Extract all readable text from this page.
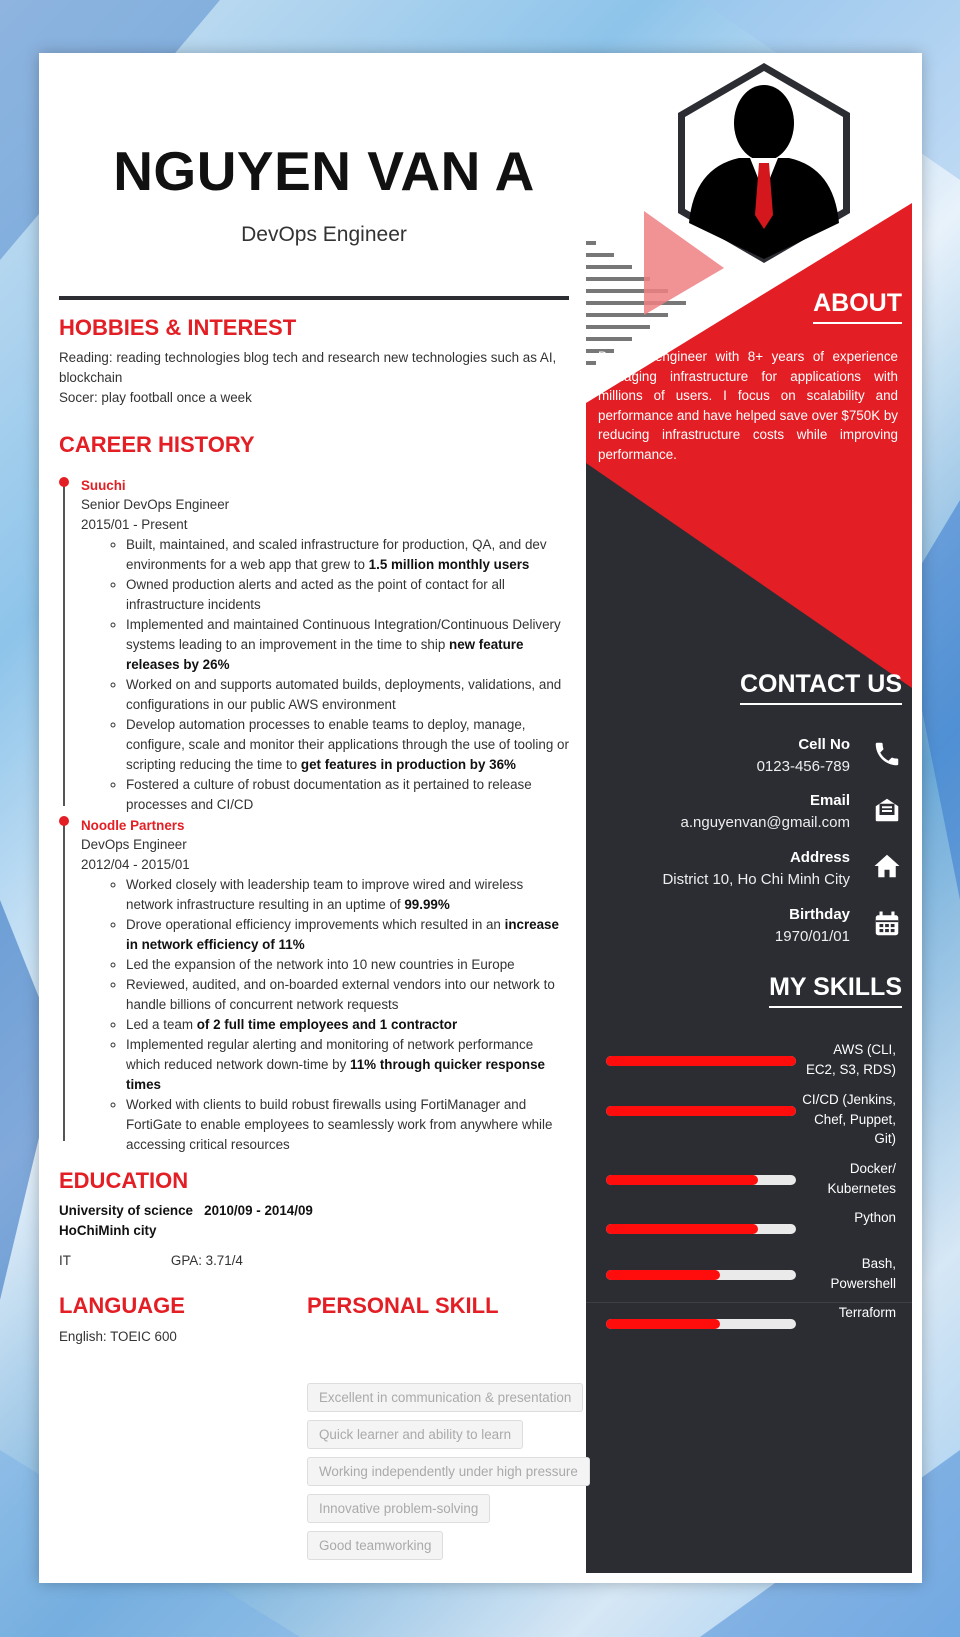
ABOUT
DevOps engineer with 8+ years of experience managing infrastructure for applications with millions of users. I focus on scalability and performance and have helped save over $750K by reducing infrastructure costs while improving performance.
CONTACT US
Cell No
0123-456-789
Email
a.nguyenvan@gmail.com
Address
District 10, Ho Chi Minh City
Birthday
1970/01/01
MY SKILLS
AWS (CLI, EC2, S3, RDS)
CI/CD (Jenkins, Chef, Puppet, Git)
Docker/ Kubernetes
Python
Bash, Powershell
Terraform
NGUYEN VAN A
DevOps Engineer
HOBBIES & INTEREST
Reading: reading technologies blog tech and research new technologies such as AI, blockchain
Socer: play football once a week
CAREER HISTORY
Suuchi
Senior DevOps Engineer
2015/01 - Present
◦ Built, maintained, and scaled infrastructure for production, QA, and dev environments for a web app that grew to 1.5 million monthly users
◦ Owned production alerts and acted as the point of contact for all infrastructure incidents
◦ Implemented and maintained Continuous Integration/Continuous Delivery systems leading to an improvement in the time to ship new feature releases by 26%
◦ Worked on and supports automated builds, deployments, validations, and configurations in our public AWS environment
◦ Develop automation processes to enable teams to deploy, manage, configure, scale and monitor their applications through the use of tooling or scripting reducing the time to get features in production by 36%
◦ Fostered a culture of robust documentation as it pertained to release processes and CI/CD
Noodle Partners
DevOps Engineer
2012/04 - 2015/01
◦ Worked closely with leadership team to improve wired and wireless network infrastructure resulting in an uptime of 99.99%
◦ Drove operational efficiency improvements which resulted in an increase in network efficiency of 11%
◦ Led the expansion of the network into 10 new countries in Europe
◦ Reviewed, audited, and on-boarded external vendors into our network to handle billions of concurrent network requests
◦ Led a team of 2 full time employees and 1 contractor
◦ Implemented regular alerting and monitoring of network performance which reduced network down-time by 11% through quicker response times
◦ Worked with clients to build robust firewalls using FortiManager and FortiGate to enable employees to seamlessly work from anywhere while accessing critical resources
EDUCATION
University of science 2010/09 - 2014/09
HoChiMinh city
IT	GPA: 3.71/4
LANGUAGE
English: TOEIC 600
PERSONAL SKILL
Excellent in communication & presentation
Quick learner and ability to learn
Working independently under high pressure
Innovative problem-solving
Good teamworking
